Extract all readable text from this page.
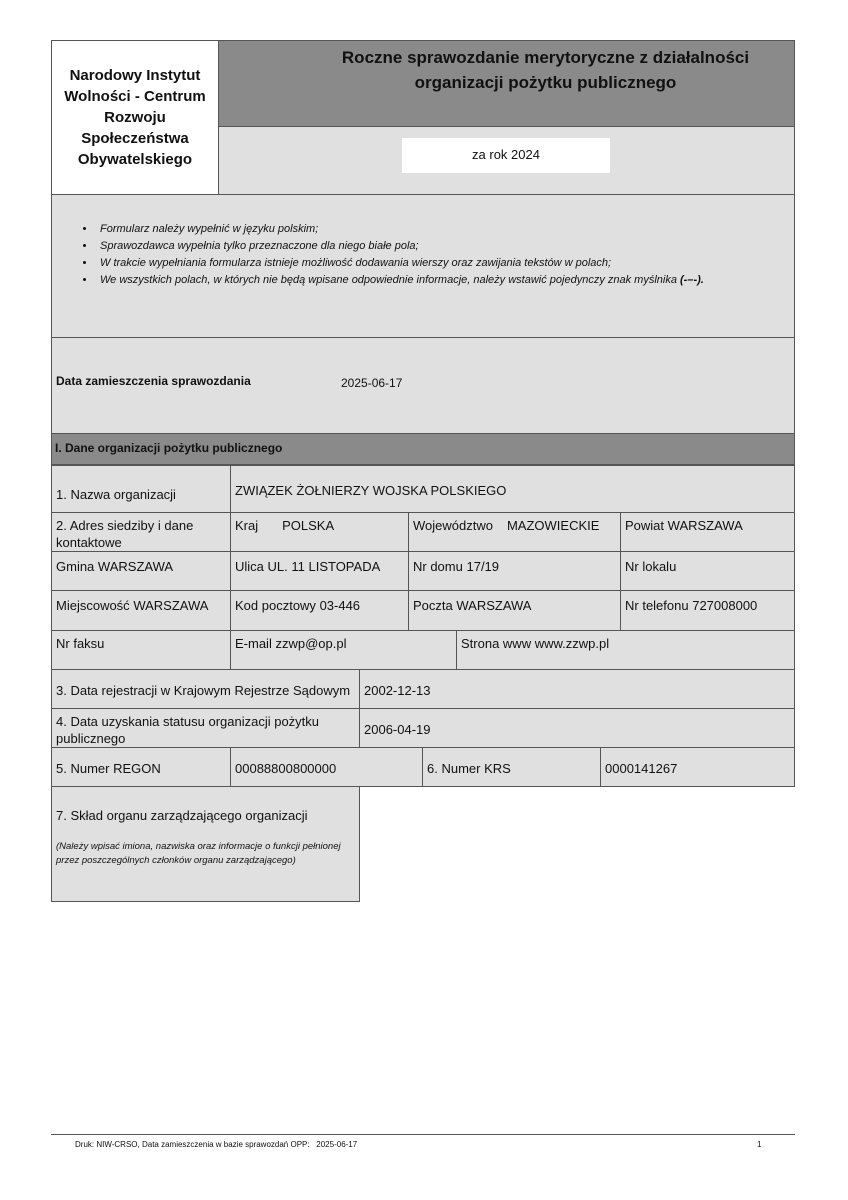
Narodowy Instytut Wolności - Centrum Rozwoju Społeczeństwa Obywatelskiego
Roczne sprawozdanie merytoryczne z działalności organizacji pożytku publicznego
za rok 2024
• Formularz należy wypełnić w języku polskim;
• Sprawozdawca wypełnia tylko przeznaczone dla niego białe pola;
• W trakcie wypełniania formularza istnieje możliwość dodawania wierszy oraz zawijania tekstów w polach;
• We wszystkich polach, w których nie będą wpisane odpowiednie informacje, należy wstawić pojedynczy znak myślnika (-–-).
Data zamieszczenia sprawozdania	2025-06-17
I. Dane organizacji pożytku publicznego
1. Nazwa organizacji	ZWIĄZEK ŻOŁNIERZY WOJSKA POLSKIEGO
2. Adres siedziby i dane kontaktowe
Kraj POLSKA	Województwo MAZOWIECKIE	Powiat WARSZAWA
Gmina WARSZAWA	Ulica UL. 11 LISTOPADA	Nr domu 17/19	Nr lokalu
Miejscowość WARSZAWA	Kod pocztowy 03-446	Poczta WARSZAWA	Nr telefonu 727008000
Nr faksu	E-mail zzwp@op.pl	Strona www www.zzwp.pl
3. Data rejestracji w Krajowym Rejestrze Sądowym	2002-12-13
4. Data uzyskania statusu organizacji pożytku publicznego
2006-04-19
5. Numer REGON	00088800800000	6. Numer KRS	0000141267
7. Skład organu zarządzającego organizacji
(Należy wpisać imiona, nazwiska oraz informacje o funkcji pełnionej przez poszczególnych członków organu zarządzającego)
Druk: NIW-CRSO, Data zamieszczenia w bazie sprawozdań OPP: 2025-06-17	1
